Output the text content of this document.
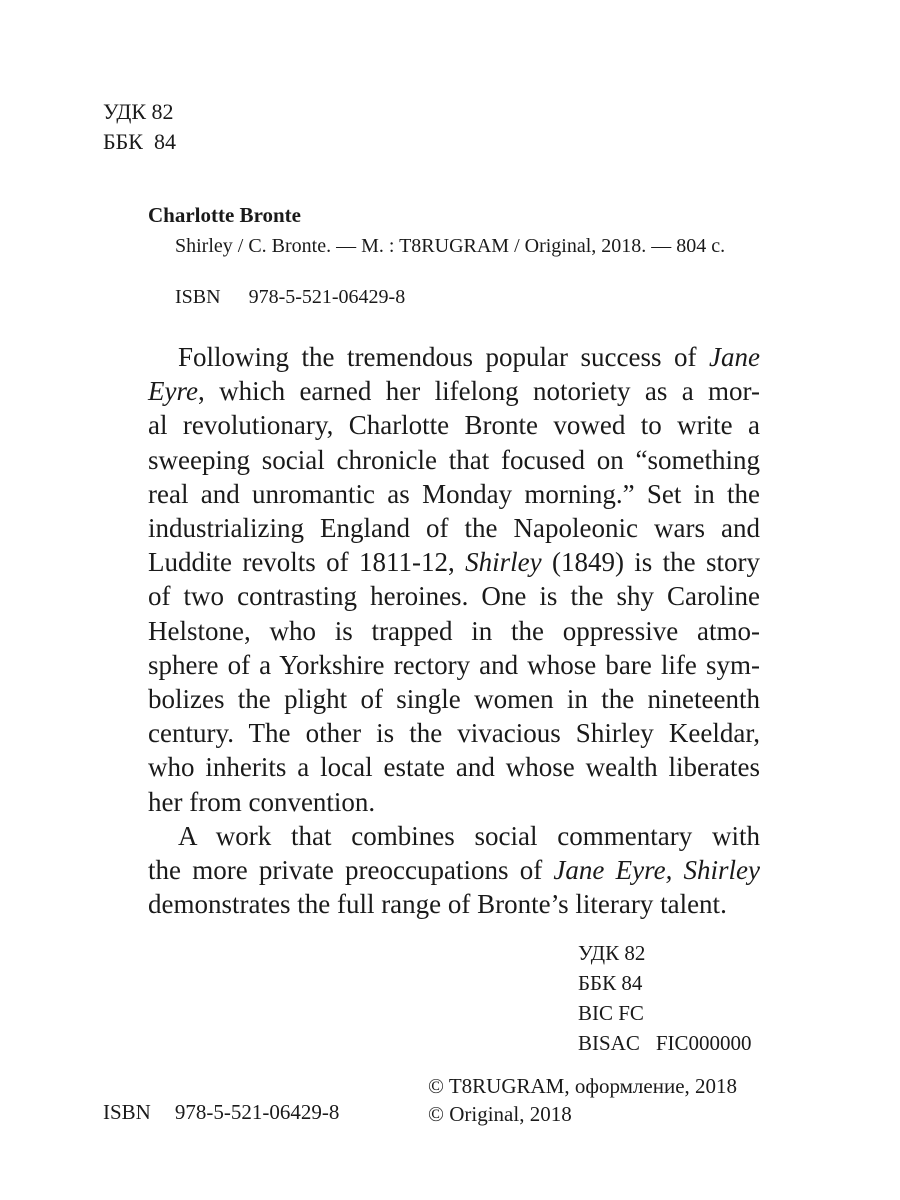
УДК 82
ББК  84
Charlotte Bronte
Shirley / C. Bronte. — M. : T8RUGRAM / Original, 2018. — 804 с.
ISBN 978-5-521-06429-8
Following the tremendous popular success of Jane
Eyre, which earned her lifelong notoriety as a mor-
al revolutionary, Charlotte Bronte vowed to write a
sweeping social chronicle that focused on “something
real and unromantic as Monday morning.” Set in the
industrializing England of the Napoleonic wars and
Luddite revolts of 1811-12, Shirley (1849) is the story
of two contrasting heroines. One is the shy Caroline
Helstone, who is trapped in the oppressive atmo-
sphere of a Yorkshire rectory and whose bare life sym-
bolizes the plight of single women in the nineteenth
century. The other is the vivacious Shirley Keeldar,
who inherits a local estate and whose wealth liberates
her from convention.
A work that combines social commentary with
the more private preoccupations of Jane Eyre, Shirley
demonstrates the full range of Bronte’s literary talent.
УДК 82
ББК 84
BIC FC
BISAC FIC000000
© T8RUGRAM, оформление, 2018
© Original, 2018
ISBN 978-5-521-06429-8
